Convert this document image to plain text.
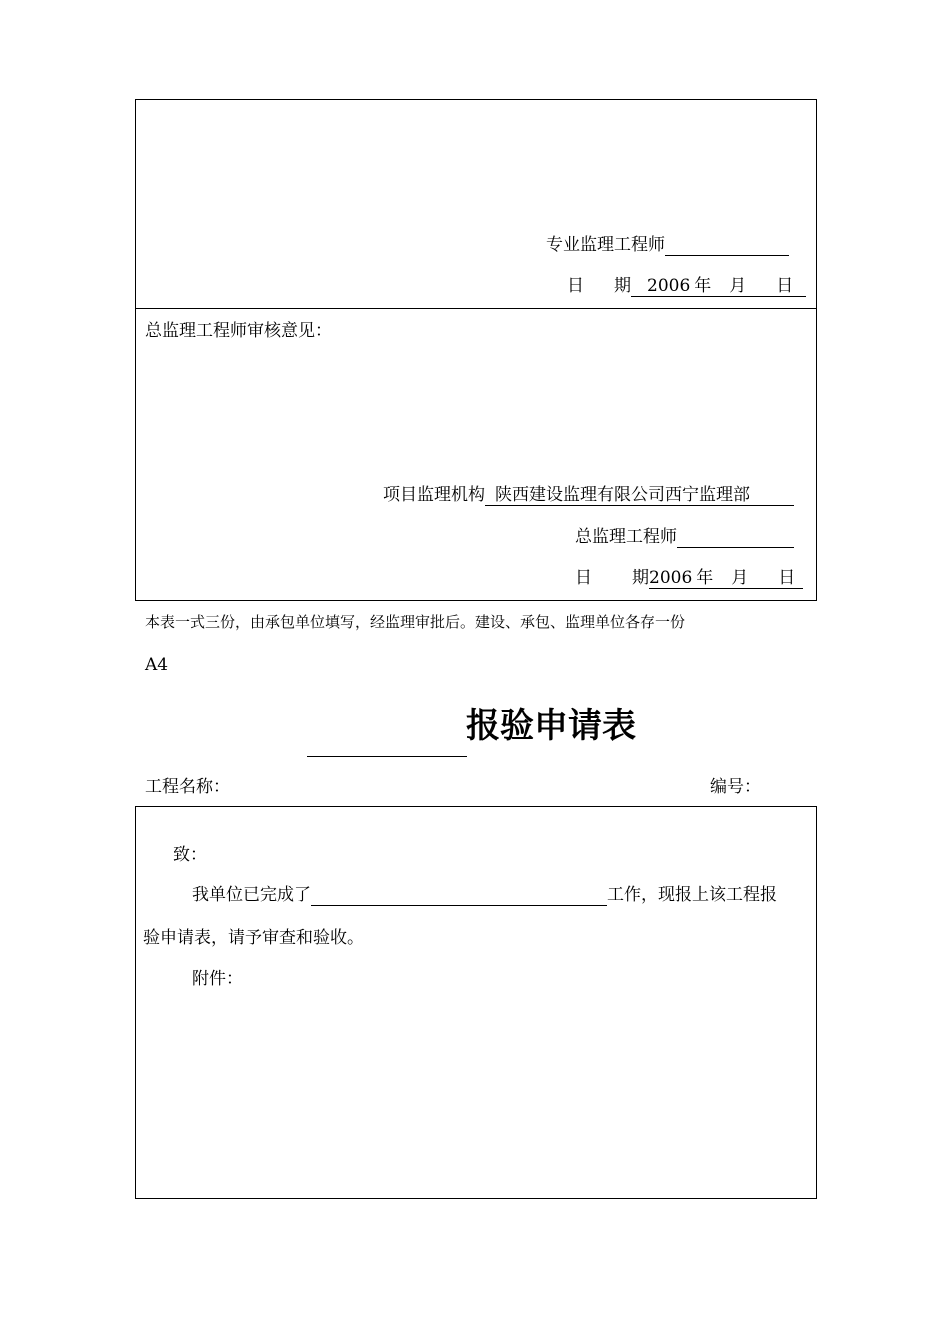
专业监理工程师
日 期 2006 年 月 日
总监理工程师审核意见：
项目监理机构 陕西建设监理有限公司西宁监理部
总监理工程师
日 期2006 年 月 日
本表一式三份，由承包单位填写，经监理审批后。建设、承包、监理单位各存一份
A4
报验申请表
工程名称：	编号：
致：
我单位已完成了	工作，现报上该工程报
验申请表，请予审查和验收。
附件：
